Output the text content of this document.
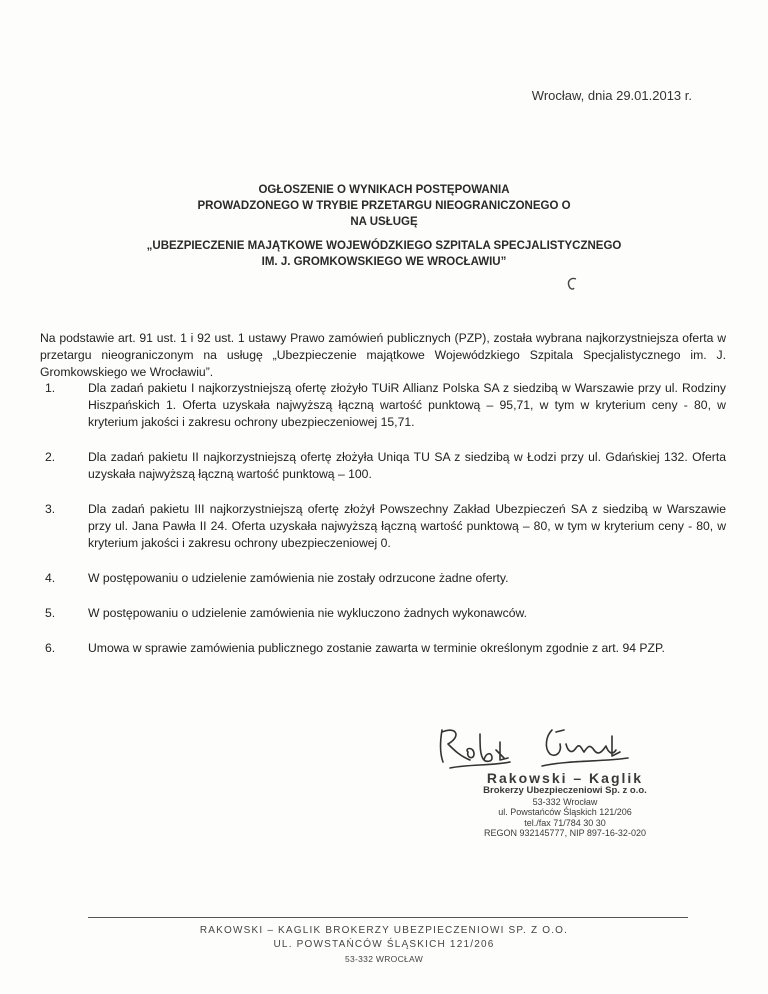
Wrocław, dnia 29.01.2013 r.
OGŁOSZENIE O WYNIKACH POSTĘPOWANIA
PROWADZONEGO W TRYBIE PRZETARGU NIEOGRANICZONEGO O
NA USŁUGĘ
„UBEZPIECZENIE MAJĄTKOWE WOJEWÓDZKIEGO SZPITALA SPECJALISTYCZNEGO
IM. J. GROMKOWSKIEGO WE WROCŁAWIU”

Na podstawie art. 91 ust. 1 i 92 ust. 1 ustawy Prawo zamówień publicznych (PZP), została wybrana najkorzystniejsza oferta w przetargu nieograniczonym na usługę „Ubezpieczenie majątkowe Wojewódzkiego Szpitala Specjalistycznego im. J. Gromkowskiego we Wrocławiu”.

1.	Dla zadań pakietu I najkorzystniejszą ofertę złożyło TUiR Allianz Polska SA z siedzibą w Warszawie przy ul. Rodziny Hiszpańskich 1. Oferta uzyskała najwyższą łączną wartość punktową – 95,71, w tym w kryterium ceny - 80, w kryterium jakości i zakresu ochrony ubezpieczeniowej 15,71.
2.	Dla zadań pakietu II najkorzystniejszą ofertę złożyła Uniqa TU SA z siedzibą w Łodzi przy ul. Gdańskiej 132. Oferta uzyskała najwyższą łączną wartość punktową – 100.
3.	Dla zadań pakietu III najkorzystniejszą ofertę złożył Powszechny Zakład Ubezpieczeń SA z siedzibą w Warszawie przy ul. Jana Pawła II 24. Oferta uzyskała najwyższą łączną wartość punktową – 80, w tym w kryterium ceny - 80, w kryterium jakości i zakresu ochrony ubezpieczeniowej 0.
4.	W postępowaniu o udzielenie zamówienia nie zostały odrzucone żadne oferty.
5.	W postępowaniu o udzielenie zamówienia nie wykluczono żadnych wykonawców.
6.	Umowa w sprawie zamówienia publicznego zostanie zawarta w terminie określonym zgodnie z art. 94 PZP.
Rakowski – Kaglik
Brokerzy Ubezpieczeniowi Sp. z o.o.
53-332 Wrocław
ul. Powstańców Śląskich 121/206
tel./fax 71/784 30 30
REGON 932145777, NIP 897-16-32-020
RAKOWSKI – KAGLIK BROKERZY UBEZPIECZENIOWI SP. Z O.O.
UL. POWSTAŃCÓW ŚLĄSKICH 121/206
53-332 WROCŁAW
